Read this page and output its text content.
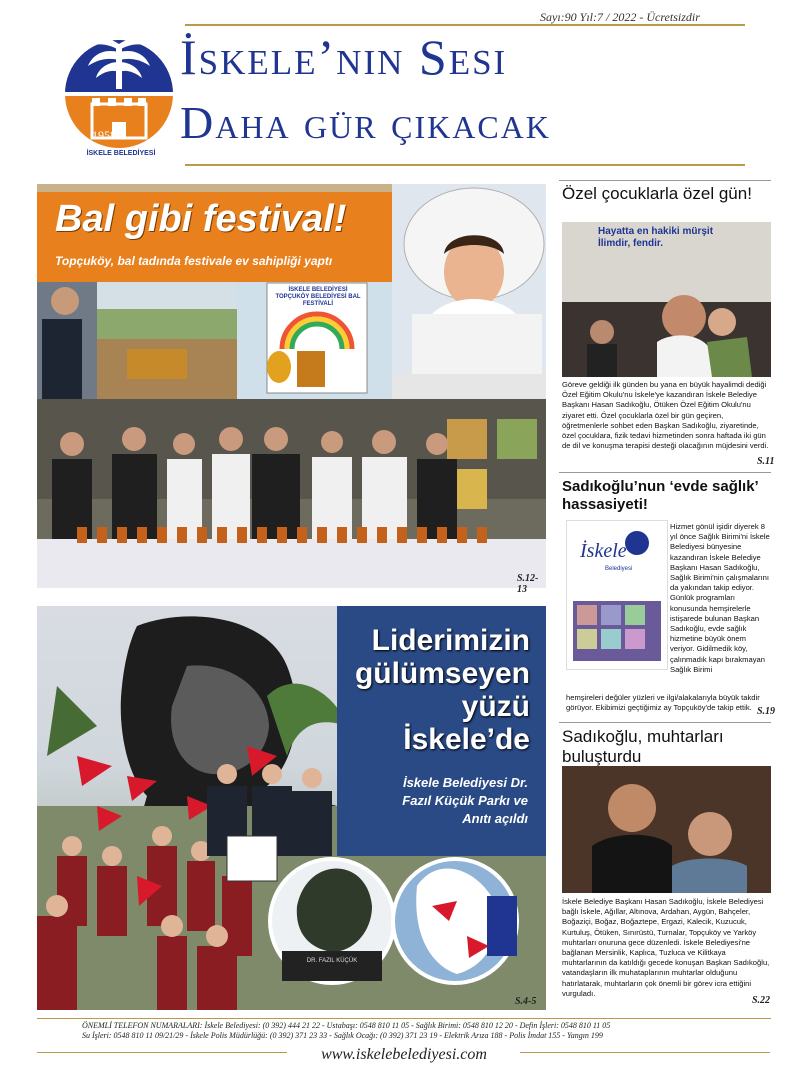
Sayı:90 Yıl:7 / 2022 - Ücretsizdir
1958
İSKELE BELEDİYESİ
İskele’nin Sesi
Daha gür çıkacak
İSKELE BELEDİYESİ TOPÇUKÖY BELEDİYESİ BAL FESTİVALİ
Bal gibi festival!
Topçuköy, bal tadında festivale ev sahipliği yaptı
S.12-13
Liderimizin
gülümseyen
yüzü
İskele’de
İskele Belediyesi Dr.
Fazıl Küçük Parkı ve
Anıtı açıldı
DR. FAZIL KÜÇÜK
S.4-5
Özel çocuklarla özel gün!
Hayatta en hakiki mürşit İlimdir, fendir.
Göreve geldiği ilk günden bu yana en büyük hayalimdi dediği Özel Eğitim Okulu'nu İskele'ye kazandıran İskele Belediye Başkanı Hasan Sadıkoğlu, Ötüken Özel Eğitim Okulu'nu ziyaret etti. Özel çocuklarla özel bir gün geçiren, öğretmenlerle sohbet eden Başkan Sadıkoğlu, ziyaretinde, özel çocuklara, fizik tedavi hizmetinden sonra haftada iki gün de dil ve konuşma terapisi desteği olacağının müjdesini verdi.
S.11
Sadıkoğlu’nun ‘evde sağlık’ hassasiyeti!
İskele
Belediyesi
Hizmet gönül işidir diyerek 8 yıl önce Sağlık Birimi'ni İskele Belediyesi bünyesine kazandıran İskele Belediye Başkanı Hasan Sadıkoğlu, Sağlık Birimi'nin çalışmalarını da yakından takip ediyor. Günlük programları konusunda hemşirelerle istişarede bulunan Başkan Sadıkoğlu, evde sağlık hizmetine büyük önem veriyor. Gidilmedik köy, çalınmadık kapı bırakmayan Sağlık Birimi
hemşireleri değüler yüzleri ve ilgi/alakalarıyla büyük takdir görüyor. Ekibimizi geçtiğimiz ay Topçuköy'de takip ettik. S.19
Sadıkoğlu, muhtarları buluşturdu
İskele Belediye Başkanı Hasan Sadıkoğlu, İskele Belediyesi bağlı İskele, Ağıllar, Altınova, Ardahan, Aygün, Bahçeler, Boğaziçi, Boğaz, Boğaztepe, Ergazi, Kalecik, Kuzucuk, Kurtuluş, Ötüken, Sınırüstü, Turnalar, Topçuköy ve Yarköy muhtarları onuruna gece düzenledi. İskele Belediyesi'ne bağlanan Mersinlik, Kaplıca, Tuzluca ve Kilitkaya muhtarlarının da katıldığı gecede konuşan Başkan Sadıkoğlu, vatandaşların ilk muhataplarının muhtarlar olduğunu hatırlatarak, muhtarların çok önemli bir görev icra ettiğini vurguladı.
S.22
ÖNEMLİ TELEFON NUMARALARI: İskele Belediyesi: (0 392) 444 21 22 - Ustabaşı: 0548 810 11 05 - Sağlık Birimi: 0548 810 12 20 - Defin İşleri: 0548 810 11 05
Su İşleri: 0548 810 11 09/21/29 - İskele Polis Müdürlüğü: (0 392) 371 23 33 - Sağlık Ocağı: (0 392) 371 23 19 - Elektrik Arıza 188 - Polis İmdat 155 - Yangın 199
www.iskelebelediyesi.com
